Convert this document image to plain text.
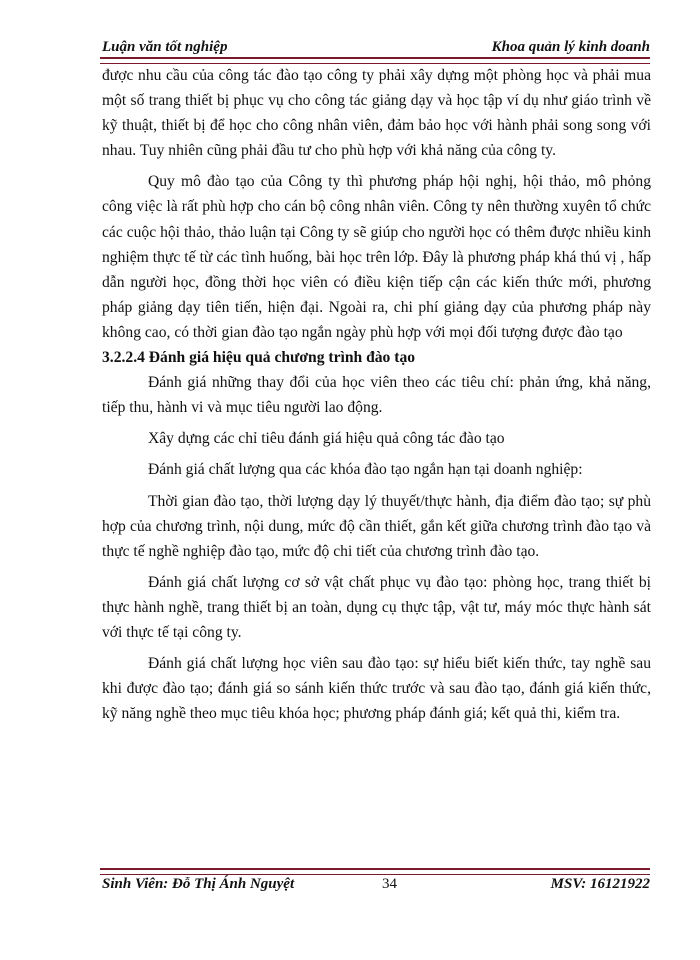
Luận văn tốt nghiệp	Khoa quản lý kinh doanh

được nhu cầu của công tác đào tạo công ty phải xây dựng một phòng học và phải mua một số trang thiết bị phục vụ cho công tác giảng dạy và học tập ví dụ như giáo trình về kỹ thuật, thiết bị để học cho công nhân viên, đảm bảo học với hành phải song song với nhau. Tuy nhiên cũng phải đầu tư cho phù hợp với khả năng của công ty.

Quy mô đào tạo của Công ty thì phương pháp hội nghị, hội thảo, mô phỏng công việc là rất phù hợp cho cán bộ công nhân viên. Công ty nên thường xuyên tổ chức các cuộc hội thảo, thảo luận tại Công ty sẽ giúp cho người học có thêm được nhiều kinh nghiệm thực tế từ các tình huống, bài học trên lớp. Đây là phương pháp khá thú vị , hấp dẫn người học, đồng thời học viên có điều kiện tiếp cận các kiến thức mới, phương pháp giảng dạy tiên tiến, hiện đại. Ngoài ra, chi phí giảng dạy của phương pháp này không cao, có thời gian đào tạo ngắn ngày phù hợp với mọi đối tượng được đào tạo

3.2.2.4 Đánh giá hiệu quả chương trình đào tạo

Đánh giá những thay đổi của học viên theo các tiêu chí: phản ứng, khả năng, tiếp thu, hành vi và mục tiêu người lao động.

Xây dựng các chỉ tiêu đánh giá hiệu quả công tác đào tạo

Đánh giá chất lượng qua các khóa đào tạo ngắn hạn tại doanh nghiệp:

Thời gian đào tạo, thời lượng dạy lý thuyết/thực hành, địa điểm đào tạo; sự phù hợp của chương trình, nội dung, mức độ cần thiết, gắn kết giữa chương trình đào tạo và thực tế nghề nghiệp đào tạo, mức độ chi tiết của chương trình đào tạo.

Đánh giá chất lượng cơ sở vật chất phục vụ đào tạo: phòng học, trang thiết bị thực hành nghề, trang thiết bị an toàn, dụng cụ thực tập, vật tư, máy móc thực hành sát với thực tế tại công ty.

Đánh giá chất lượng học viên sau đào tạo: sự hiểu biết kiến thức, tay nghề sau khi được đào tạo; đánh giá so sánh kiến thức trước và sau đào tạo, đánh giá kiến thức, kỹ năng nghề theo mục tiêu khóa học; phương pháp đánh giá; kết quả thi, kiểm tra.

Sinh Viên: Đỗ Thị Ánh Nguyệt	34	MSV: 16121922
